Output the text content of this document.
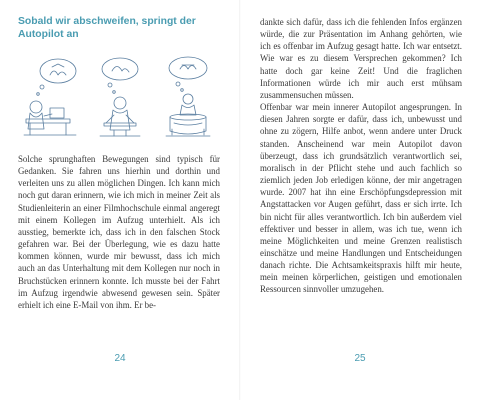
Sobald wir abschweifen, springt der Autopilot an

Solche sprunghaften Bewegungen sind typisch für Gedanken. Sie fahren uns hierhin und dorthin und verleiten uns zu allen möglichen Dingen. Ich kann mich noch gut daran erinnern, wie ich mich in meiner Zeit als Studienleiterin an einer Filmhochschule einmal angeregt mit einem Kollegen im Aufzug unterhielt. Als ich ausstieg, bemerkte ich, dass ich in den falschen Stock gefahren war. Bei der Überlegung, wie es dazu hatte kommen können, wurde mir bewusst, dass ich mich auch an das Unterhaltung mit dem Kollegen nur noch in Bruchstücken erinnern konnte. Ich musste bei der Fahrt im Aufzug irgendwie abwesend gewesen sein. Später erhielt ich eine E-Mail von ihm. Er be-

24

dankte sich dafür, dass ich die fehlenden Infos ergänzen würde, die zur Präsentation im Anhang gehörten, wie ich es offenbar im Aufzug gesagt hatte. Ich war entsetzt. Wie war es zu diesem Versprechen gekommen? Ich hatte doch gar keine Zeit! Und die fraglichen Informationen würde ich mir auch erst mühsam zusammensuchen müssen.

Offenbar war mein innerer Autopilot angesprungen. In diesen Jahren sorgte er dafür, dass ich, unbewusst und ohne zu zögern, Hilfe anbot, wenn andere unter Druck standen. Anscheinend war mein Autopilot davon überzeugt, dass ich grundsätzlich verantwortlich sei, moralisch in der Pflicht stehe und auch fachlich so ziemlich jeden Job erledigen könne, der mir angetragen wurde. 2007 hat ihn eine Erschöpfungsdepression mit Angstattacken vor Augen geführt, dass er sich irrte. Ich bin nicht für alles verantwortlich. Ich bin außerdem viel effektiver und besser in allem, was ich tue, wenn ich meine Möglichkeiten und meine Grenzen realistisch einschätze und meine Handlungen und Entscheidungen danach richte. Die Achtsamkeitspraxis hilft mir heute, mein meinen körperlichen, geistigen und emotionalen Ressourcen sinnvoller umzugehen.

25
